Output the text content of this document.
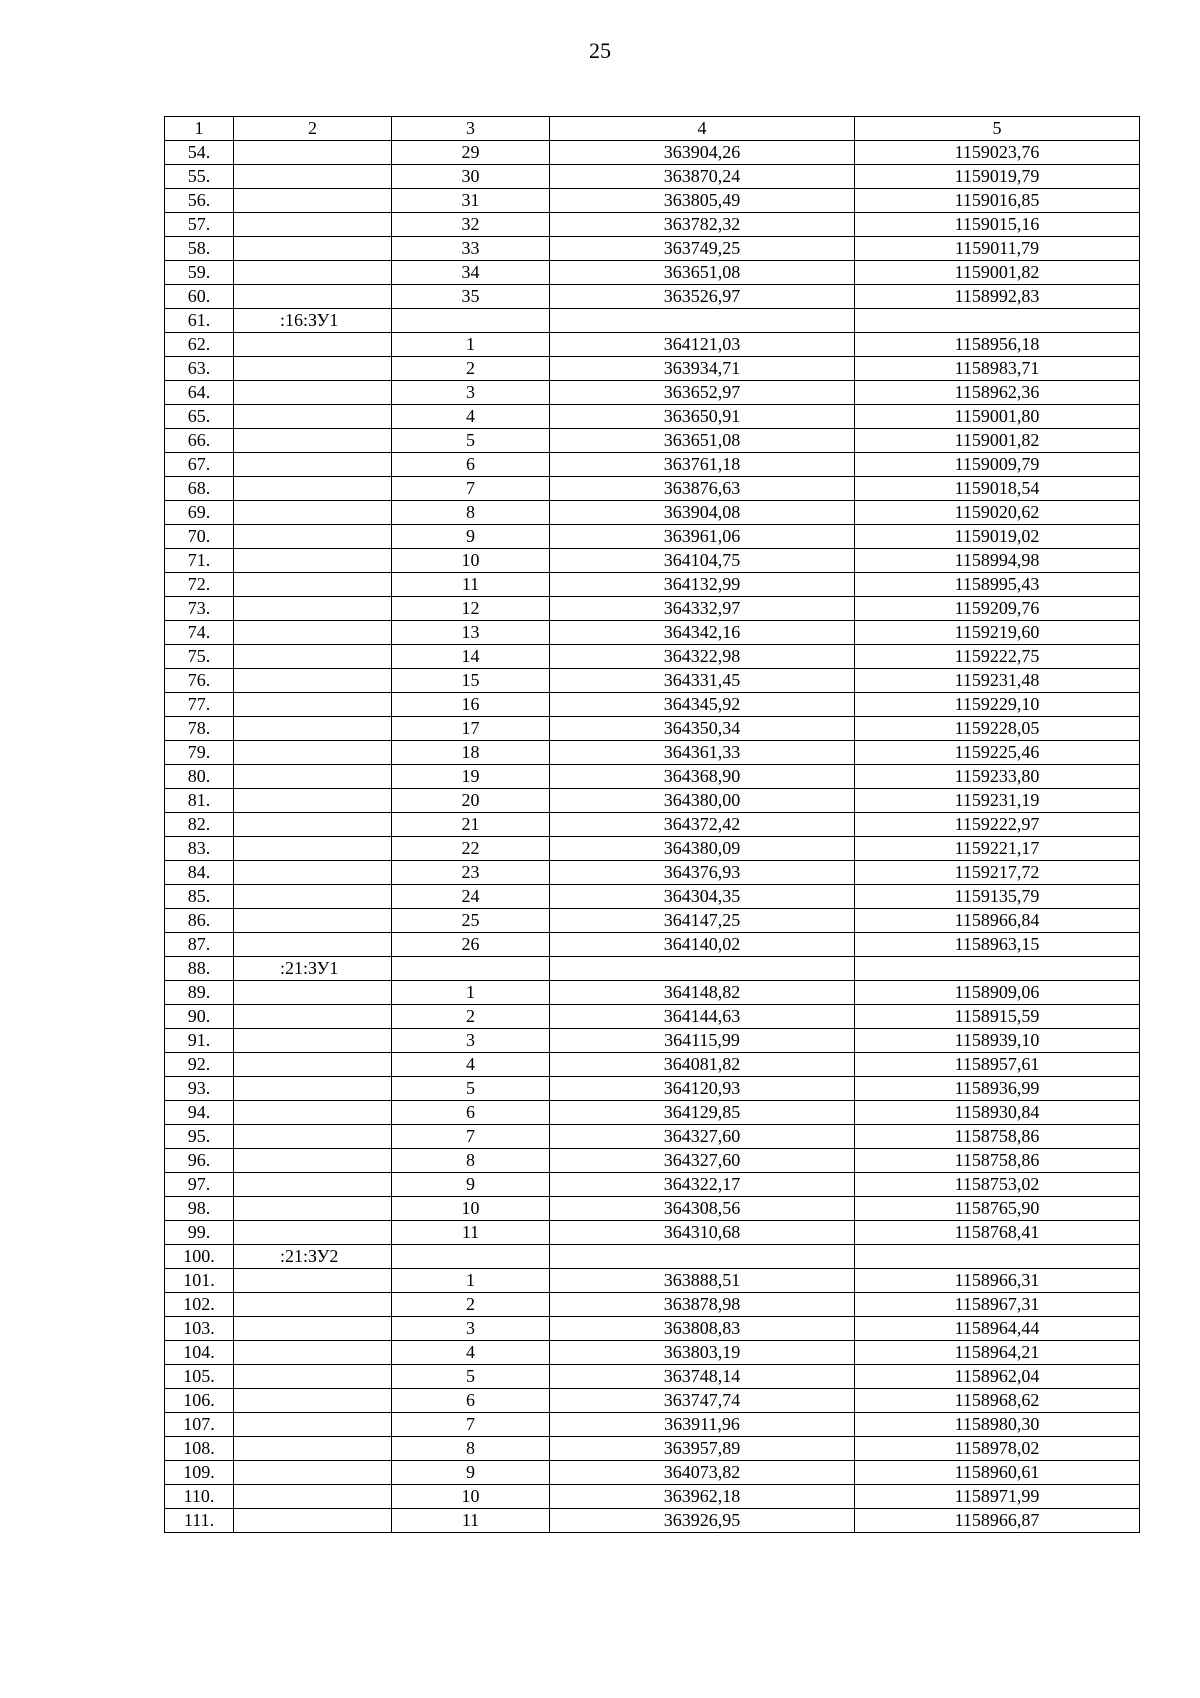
25
1	2	3	4	5
54.		29	363904,26	1159023,76
55.		30	363870,24	1159019,79
56.		31	363805,49	1159016,85
57.		32	363782,32	1159015,16
58.		33	363749,25	1159011,79
59.		34	363651,08	1159001,82
60.		35	363526,97	1158992,83
61.	:16:ЗУ1			
62.		1	364121,03	1158956,18
63.		2	363934,71	1158983,71
64.		3	363652,97	1158962,36
65.		4	363650,91	1159001,80
66.		5	363651,08	1159001,82
67.		6	363761,18	1159009,79
68.		7	363876,63	1159018,54
69.		8	363904,08	1159020,62
70.		9	363961,06	1159019,02
71.		10	364104,75	1158994,98
72.		11	364132,99	1158995,43
73.		12	364332,97	1159209,76
74.		13	364342,16	1159219,60
75.		14	364322,98	1159222,75
76.		15	364331,45	1159231,48
77.		16	364345,92	1159229,10
78.		17	364350,34	1159228,05
79.		18	364361,33	1159225,46
80.		19	364368,90	1159233,80
81.		20	364380,00	1159231,19
82.		21	364372,42	1159222,97
83.		22	364380,09	1159221,17
84.		23	364376,93	1159217,72
85.		24	364304,35	1159135,79
86.		25	364147,25	1158966,84
87.		26	364140,02	1158963,15
88.	:21:ЗУ1			
89.		1	364148,82	1158909,06
90.		2	364144,63	1158915,59
91.		3	364115,99	1158939,10
92.		4	364081,82	1158957,61
93.		5	364120,93	1158936,99
94.		6	364129,85	1158930,84
95.		7	364327,60	1158758,86
96.		8	364327,60	1158758,86
97.		9	364322,17	1158753,02
98.		10	364308,56	1158765,90
99.		11	364310,68	1158768,41
100.	:21:ЗУ2			
101.		1	363888,51	1158966,31
102.		2	363878,98	1158967,31
103.		3	363808,83	1158964,44
104.		4	363803,19	1158964,21
105.		5	363748,14	1158962,04
106.		6	363747,74	1158968,62
107.		7	363911,96	1158980,30
108.		8	363957,89	1158978,02
109.		9	364073,82	1158960,61
110.		10	363962,18	1158971,99
111.		11	363926,95	1158966,87
